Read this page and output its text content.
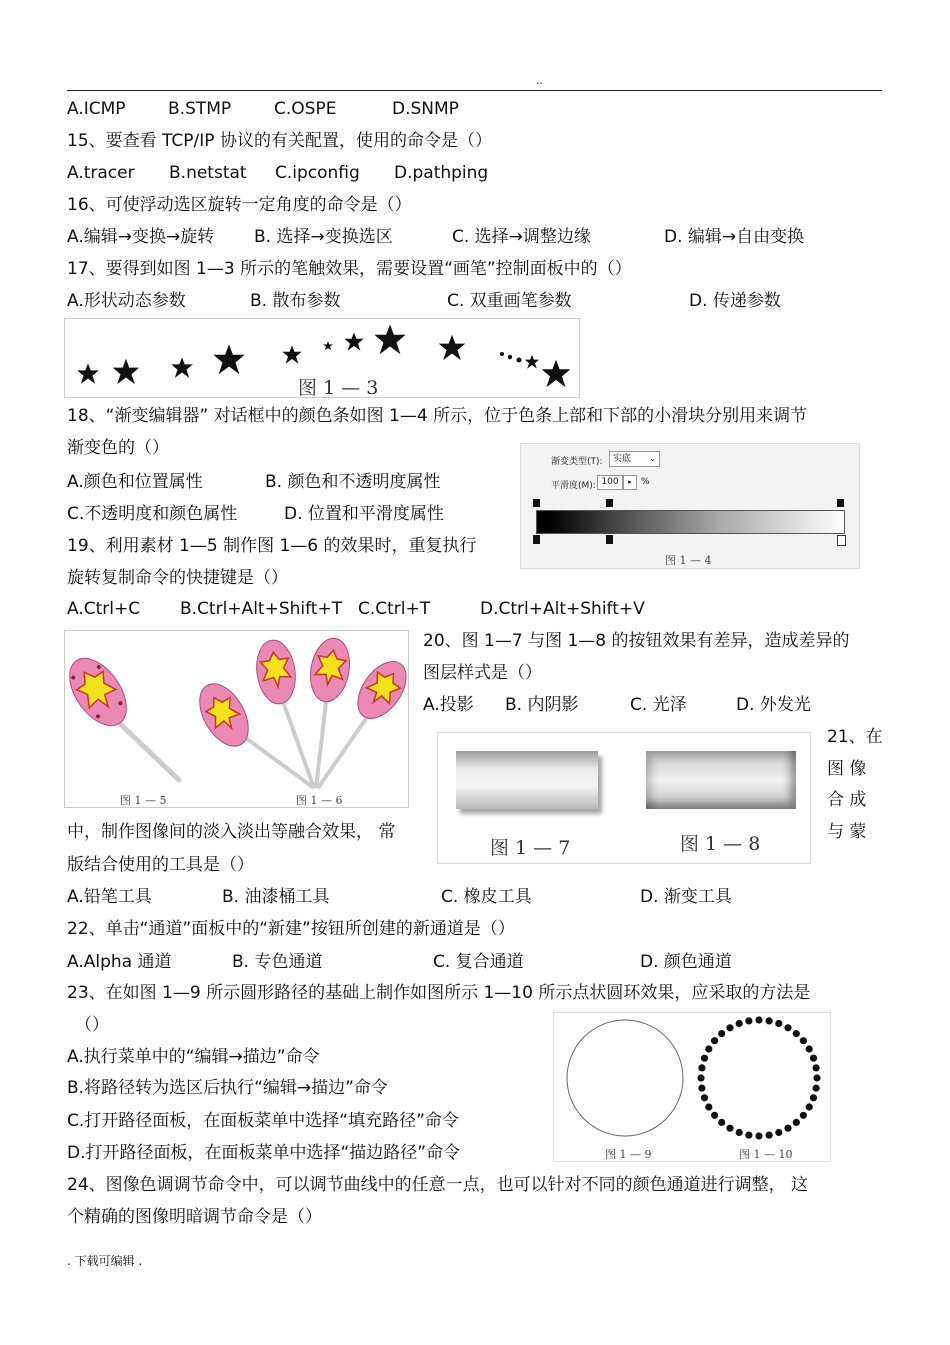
..
A.ICMP B.STMP	C.OSPE	D.SNMP
15、要查看 TCP/IP 协议的有关配置，使用的命令是（）
A.tracer B.netstat C.ipconfig D.pathping
16、可使浮动选区旋转一定角度的命令是（）
A.编辑→变换→旋转 B. 选择→变换选区	C. 选择→调整边缘	D. 编辑→自由变换
17、要得到如图 1—3 所示的笔触效果，需要设置“画笔”控制面板中的（）
A.形状动态参数	B. 散布参数	C. 双重画笔参数	D. 传递参数
图 1 — 3
18、“渐变编辑器” 对话框中的颜色条如图 1—4 所示，位于色条上部和下部的小滑块分别用来调节
渐变色的（）
A.颜色和位置属性	B. 颜色和不透明度属性
C.不透明度和颜色属性	D. 位置和平滑度属性
渐变类型(T):	实底 ⌄
平滑度(M): 100	▸	%
图 1 — 4
19、利用素材 1—5 制作图 1—6 的效果时，重复执行
旋转复制命令的快捷键是（）
A.Ctrl+C B.Ctrl+Alt+Shift+T C.Ctrl+T	D.Ctrl+Alt+Shift+V
图 1 — 5	图 1 — 6
20、图 1—7 与图 1—8 的按钮效果有差异，造成差异的
图层样式是（）
A.投影 B. 内阴影	C. 光泽	D. 外发光
图 1 — 7	图 1 — 8
21、在
图 像
合 成
中，制作图像间的淡入淡出等融合效果， 常	与 蒙
版结合使用的工具是（）
A.铅笔工具	B. 油漆桶工具	C. 橡皮工具	D. 渐变工具
22、单击“通道”面板中的“新建”按钮所创建的新通道是（）
A.Alpha 通道	B. 专色通道	C. 复合通道	D. 颜色通道
23、在如图 1—9 所示圆形路径的基础上制作如图所示 1—10 所示点状圆环效果，应采取的方法是
（）
A.执行菜单中的“编辑→描边”命令
B.将路径转为选区后执行“编辑→描边”命令
C.打开路径面板，在面板菜单中选择“填充路径”命令
D.打开路径面板，在面板菜单中选择“描边路径”命令	图 1 — 9	图 1 — 10
24、图像色调调节命令中，可以调节曲线中的任意一点，也可以针对不同的颜色通道进行调整， 这
个精确的图像明暗调节命令是（）
. 下载可编辑 .
